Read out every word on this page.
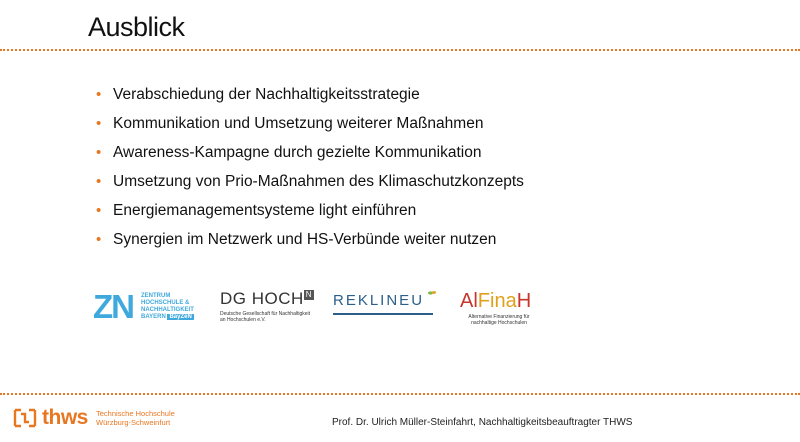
Ausblick
• Verabschiedung der Nachhaltigkeitsstrategie
• Kommunikation und Umsetzung weiterer Maßnahmen
• Awareness-Kampagne durch gezielte Kommunikation
• Umsetzung von Prio-Maßnahmen des Klimaschutzkonzepts
• Energiemanagementsysteme light einführen
• Synergien im Netzwerk und HS-Verbünde weiter nutzen
ZN ZENTRUM
HOCHSCHULE &
NACHHALTIGKEIT
BAYERN BayZeN
DG HOCH N
Deutsche Gesellschaft für Nachhaltigkeit
an Hochschulen e.V.
REKLINEU	AlFinaH
Alternative Finanzierung für
nachhaltige Hochschulen
thws Technische Hochschule
Würzburg-Schweinfurt	Prof. Dr. Ulrich Müller-Steinfahrt, Nachhaltigkeitsbeauftragter THWS
